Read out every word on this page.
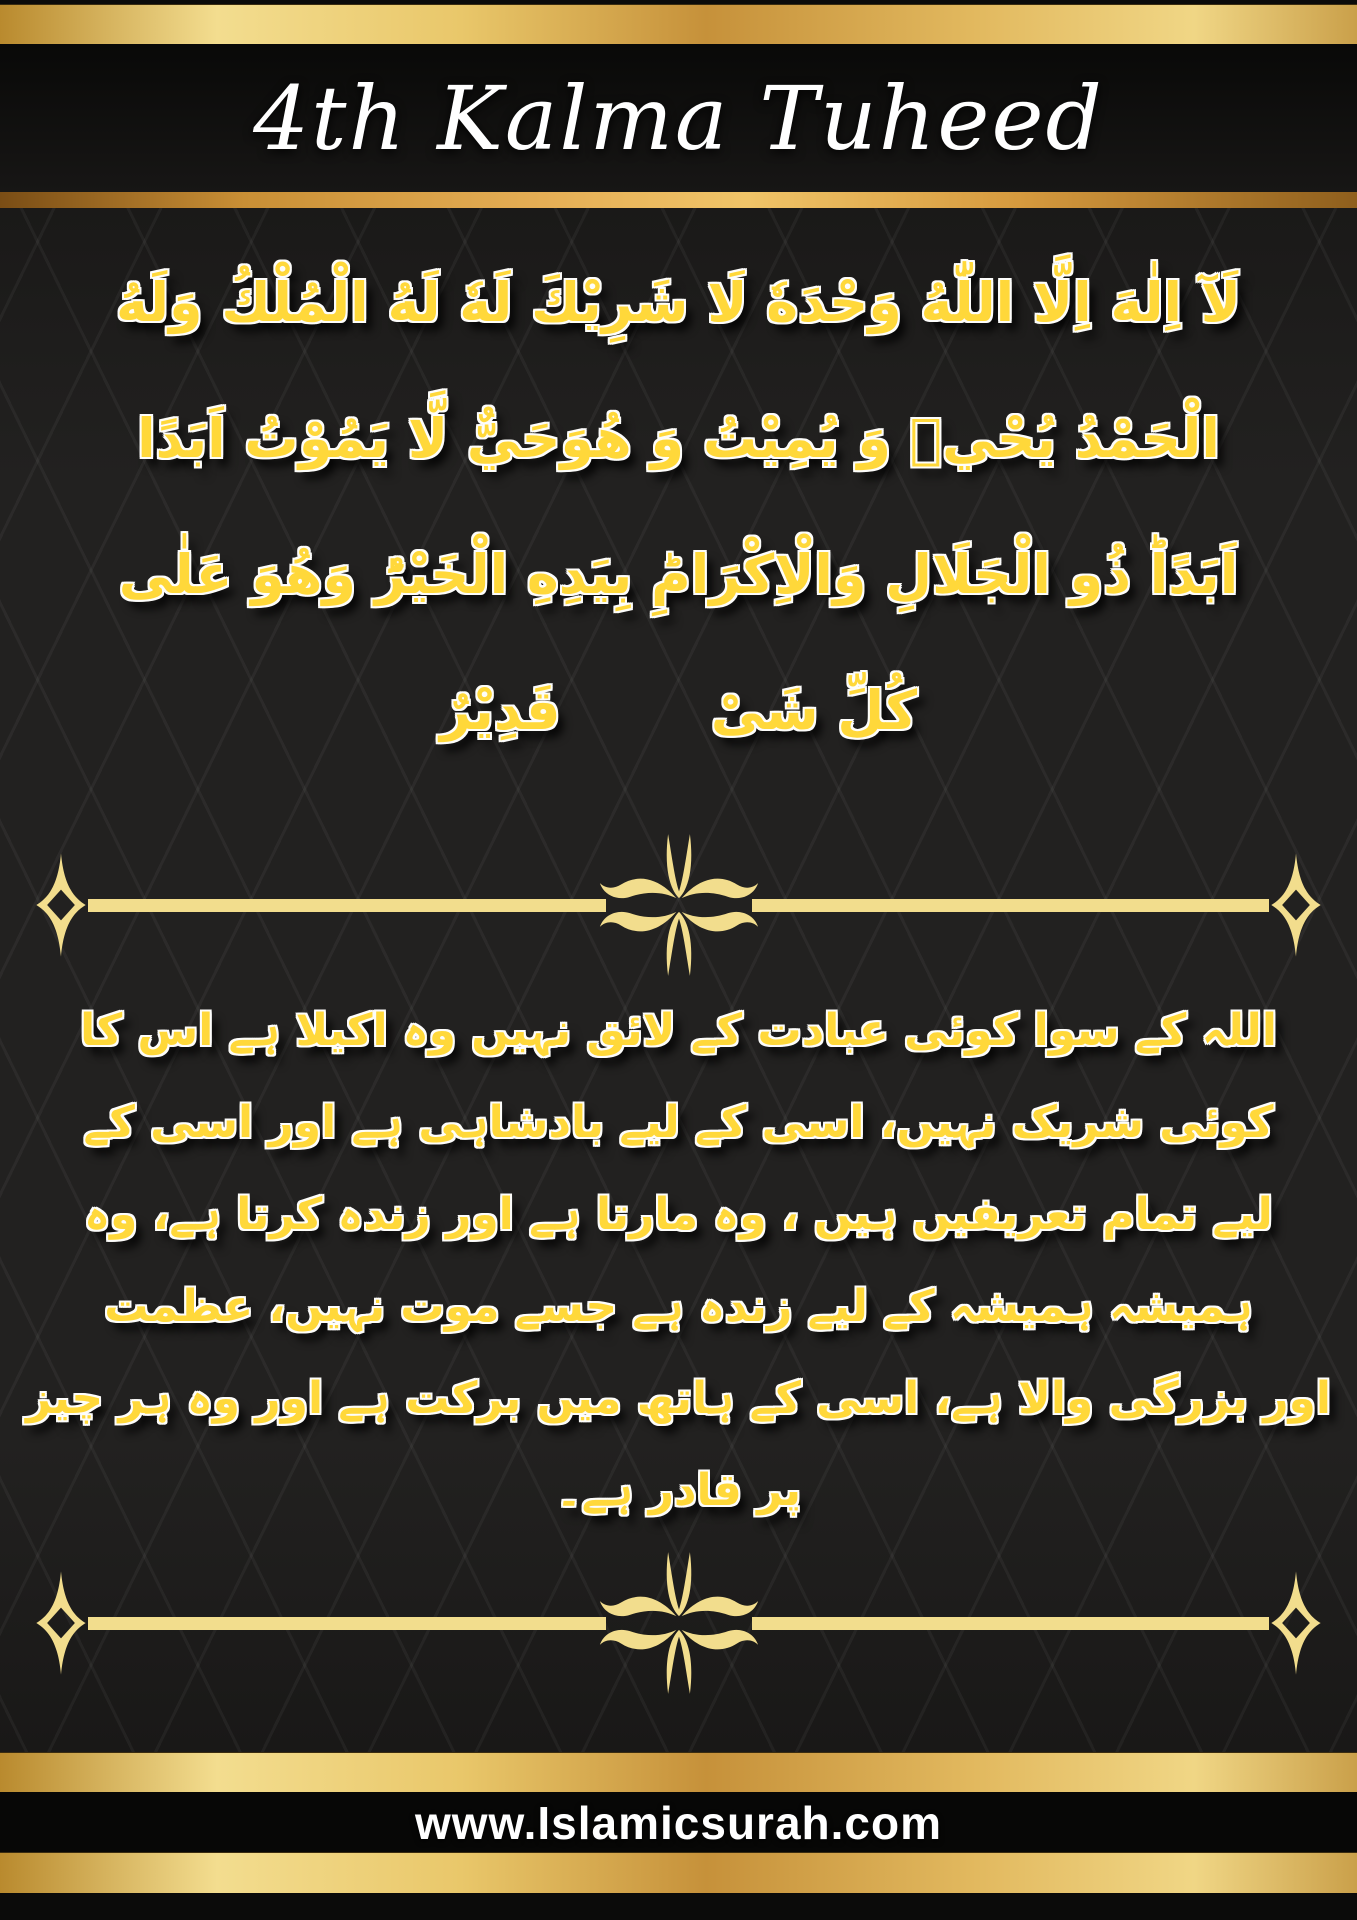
4th Kalma Tuheed
لَآ اِلٰهَ اِلَّا اللّٰهُ وَحْدَهٗ لَا شَرِيْكَ لَهٗ لَهُ الْمُلْكُ وَلَهُ
الْحَمْدُ يُحْيٖ وَ يُمِيْتُ وَ هُوَحَيٌّ لَّا يَمُوْتُ اَبَدًا
اَبَدًاؕ ذُو الْجَلَالِ وَالْاِكْرَامِؕ بِيَدِهِ الْخَيْرُؕ وَهُوَ عَلٰى
كُلِّ شَیْ        قَدِيْرٌ
اللہ کے سوا کوئی عبادت کے لائق نہیں وہ اکیلا ہے اس کا
کوئی شریک نہیں، اسی کے لیے بادشاہی ہے اور اسی کے
لیے تمام تعریفیں ہیں ، وہ مارتا ہے اور زندہ کرتا ہے، وہ
ہمیشہ ہمیشہ کے لیے زندہ ہے جسے موت نہیں، عظمت
اور بزرگی والا ہے، اسی کے ہاتھ میں برکت ہے اور وہ ہر چیز
پر قادر ہے۔
www.Islamicsurah.com
